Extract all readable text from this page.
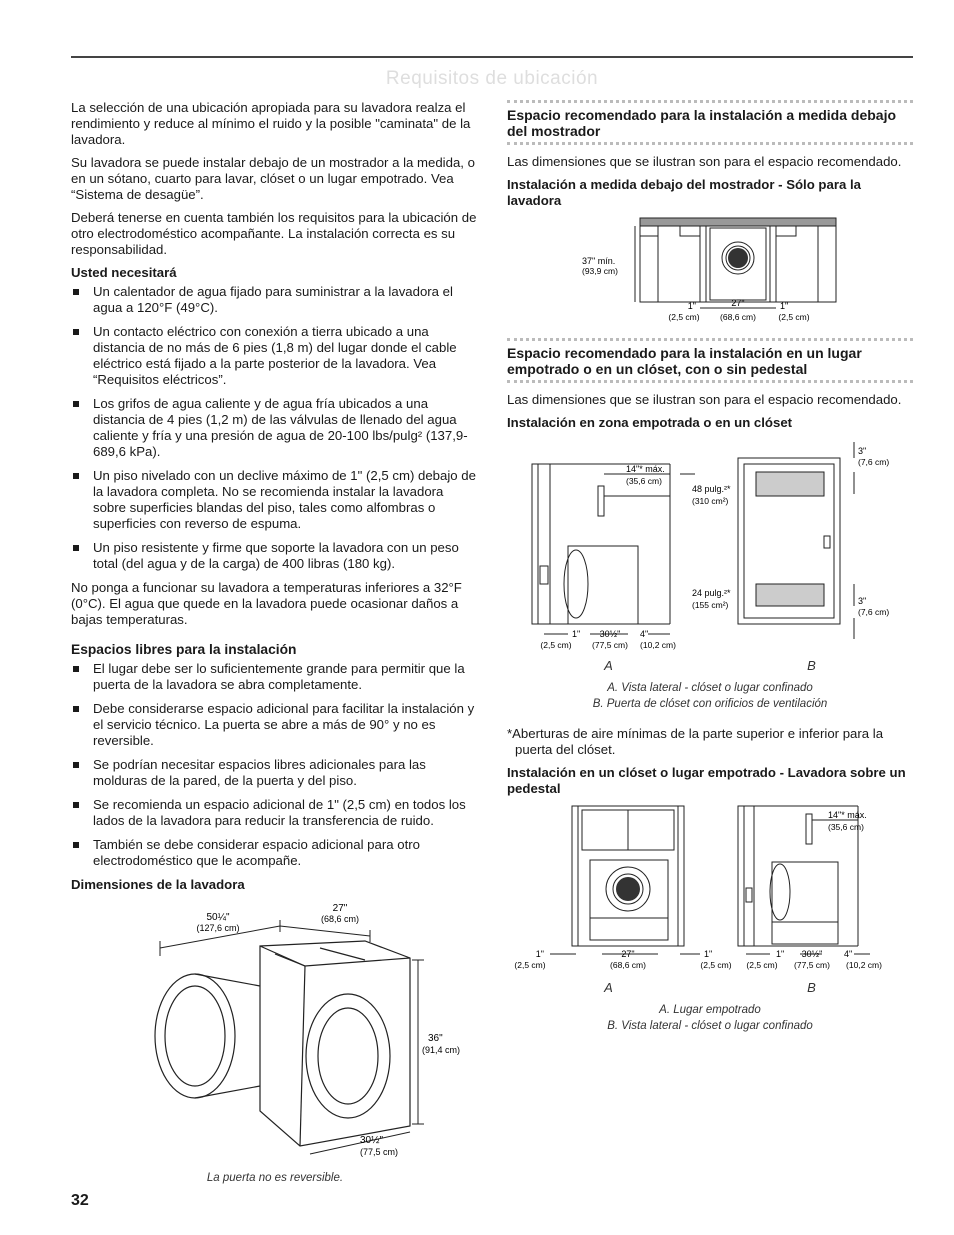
Requisitos de ubicación

La selección de una ubicación apropiada para su lavadora realza el rendimiento y reduce al mínimo el ruido y la posible "caminata" de la lavadora.

Su lavadora se puede instalar debajo de un mostrador a la medida, o en un sótano, cuarto para lavar, clóset o un lugar empotrado. Vea “Sistema de desagüe”.

Deberá tenerse en cuenta también los requisitos para la ubicación de otro electrodoméstico acompañante. La instalación correcta es su responsabilidad.

Usted necesitará
Un calentador de agua fijado para suministrar a la lavadora el agua a 120°F (49°C).
Un contacto eléctrico con conexión a tierra ubicado a una distancia de no más de 6 pies (1,8 m) del lugar donde el cable eléctrico está fijado a la parte posterior de la lavadora. Vea “Requisitos eléctricos”.
Los grifos de agua caliente y de agua fría ubicados a una distancia de 4 pies (1,2 m) de las válvulas de llenado del agua caliente y fría y una presión de agua de 20-100 lbs/pulg² (137,9-689,6 kPa).
Un piso nivelado con un declive máximo de 1" (2,5 cm) debajo de la lavadora completa. No se recomienda instalar la lavadora sobre superficies blandas del piso, tales como alfombras o superficies con reverso de espuma.
Un piso resistente y firme que soporte la lavadora con un peso total (del agua y de la carga) de 400 libras (180 kg).

No ponga a funcionar su lavadora a temperaturas inferiores a 32°F (0°C). El agua que quede en la lavadora puede ocasionar daños a bajas temperaturas.

Espacios libres para la instalación
El lugar debe ser lo suficientemente grande para permitir que la puerta de la lavadora se abra completamente.
Debe considerarse espacio adicional para facilitar la instalación y el servicio técnico. La puerta se abre a más de 90° y no es reversible.
Se podrían necesitar espacios libres adicionales para las molduras de la pared, de la puerta y del piso.
Se recomienda un espacio adicional de 1" (2,5 cm) en todos los lados de la lavadora para reducir la transferencia de ruido.
También se debe considerar espacio adicional para otro electrodoméstico que le acompañe.
Dimensiones de la lavadora
50¼"
(127,6 cm)
27"
(68,6 cm)
36"
(91,4 cm)
30½"
(77,5 cm)
La puerta no es reversible.
Espacio recomendado para la instalación a medida debajo del mostrador

Las dimensiones que se ilustran son para el espacio recomendado.

Instalación a medida debajo del mostrador - Sólo para la lavadora
37" mín.
(93,9 cm)
1"
(2,5 cm)
27"
(68,6 cm)
1"
(2,5 cm)
Espacio recomendado para la instalación en un lugar empotrado o en un clóset, con o sin pedestal

Las dimensiones que se ilustran son para el espacio recomendado.

Instalación en zona empotrada o en un clóset
14"* máx.
(35,6 cm)
48 pulg.²*
(310 cm²)
24 pulg.²*
(155 cm²)
1"
(2,5 cm)
30½"
(77,5 cm)
4"
(10,2 cm)
3"
(7,6 cm)
3"
(7,6 cm)
A	B
A. Vista lateral - clóset o lugar confinado
B. Puerta de clóset con orificios de ventilación

*Aberturas de aire mínimas de la parte superior e inferior para la puerta del clóset.

Instalación en un clóset o lugar empotrado - Lavadora sobre un pedestal
1"
(2,5 cm)
27"
(68,6 cm)
1"
(2,5 cm)
14"* máx.
(35,6 cm)
1"
(2,5 cm)
30½"
(77,5 cm)
4"
(10,2 cm)
A	B
A. Lugar empotrado
B. Vista lateral - clóset o lugar confinado
32
